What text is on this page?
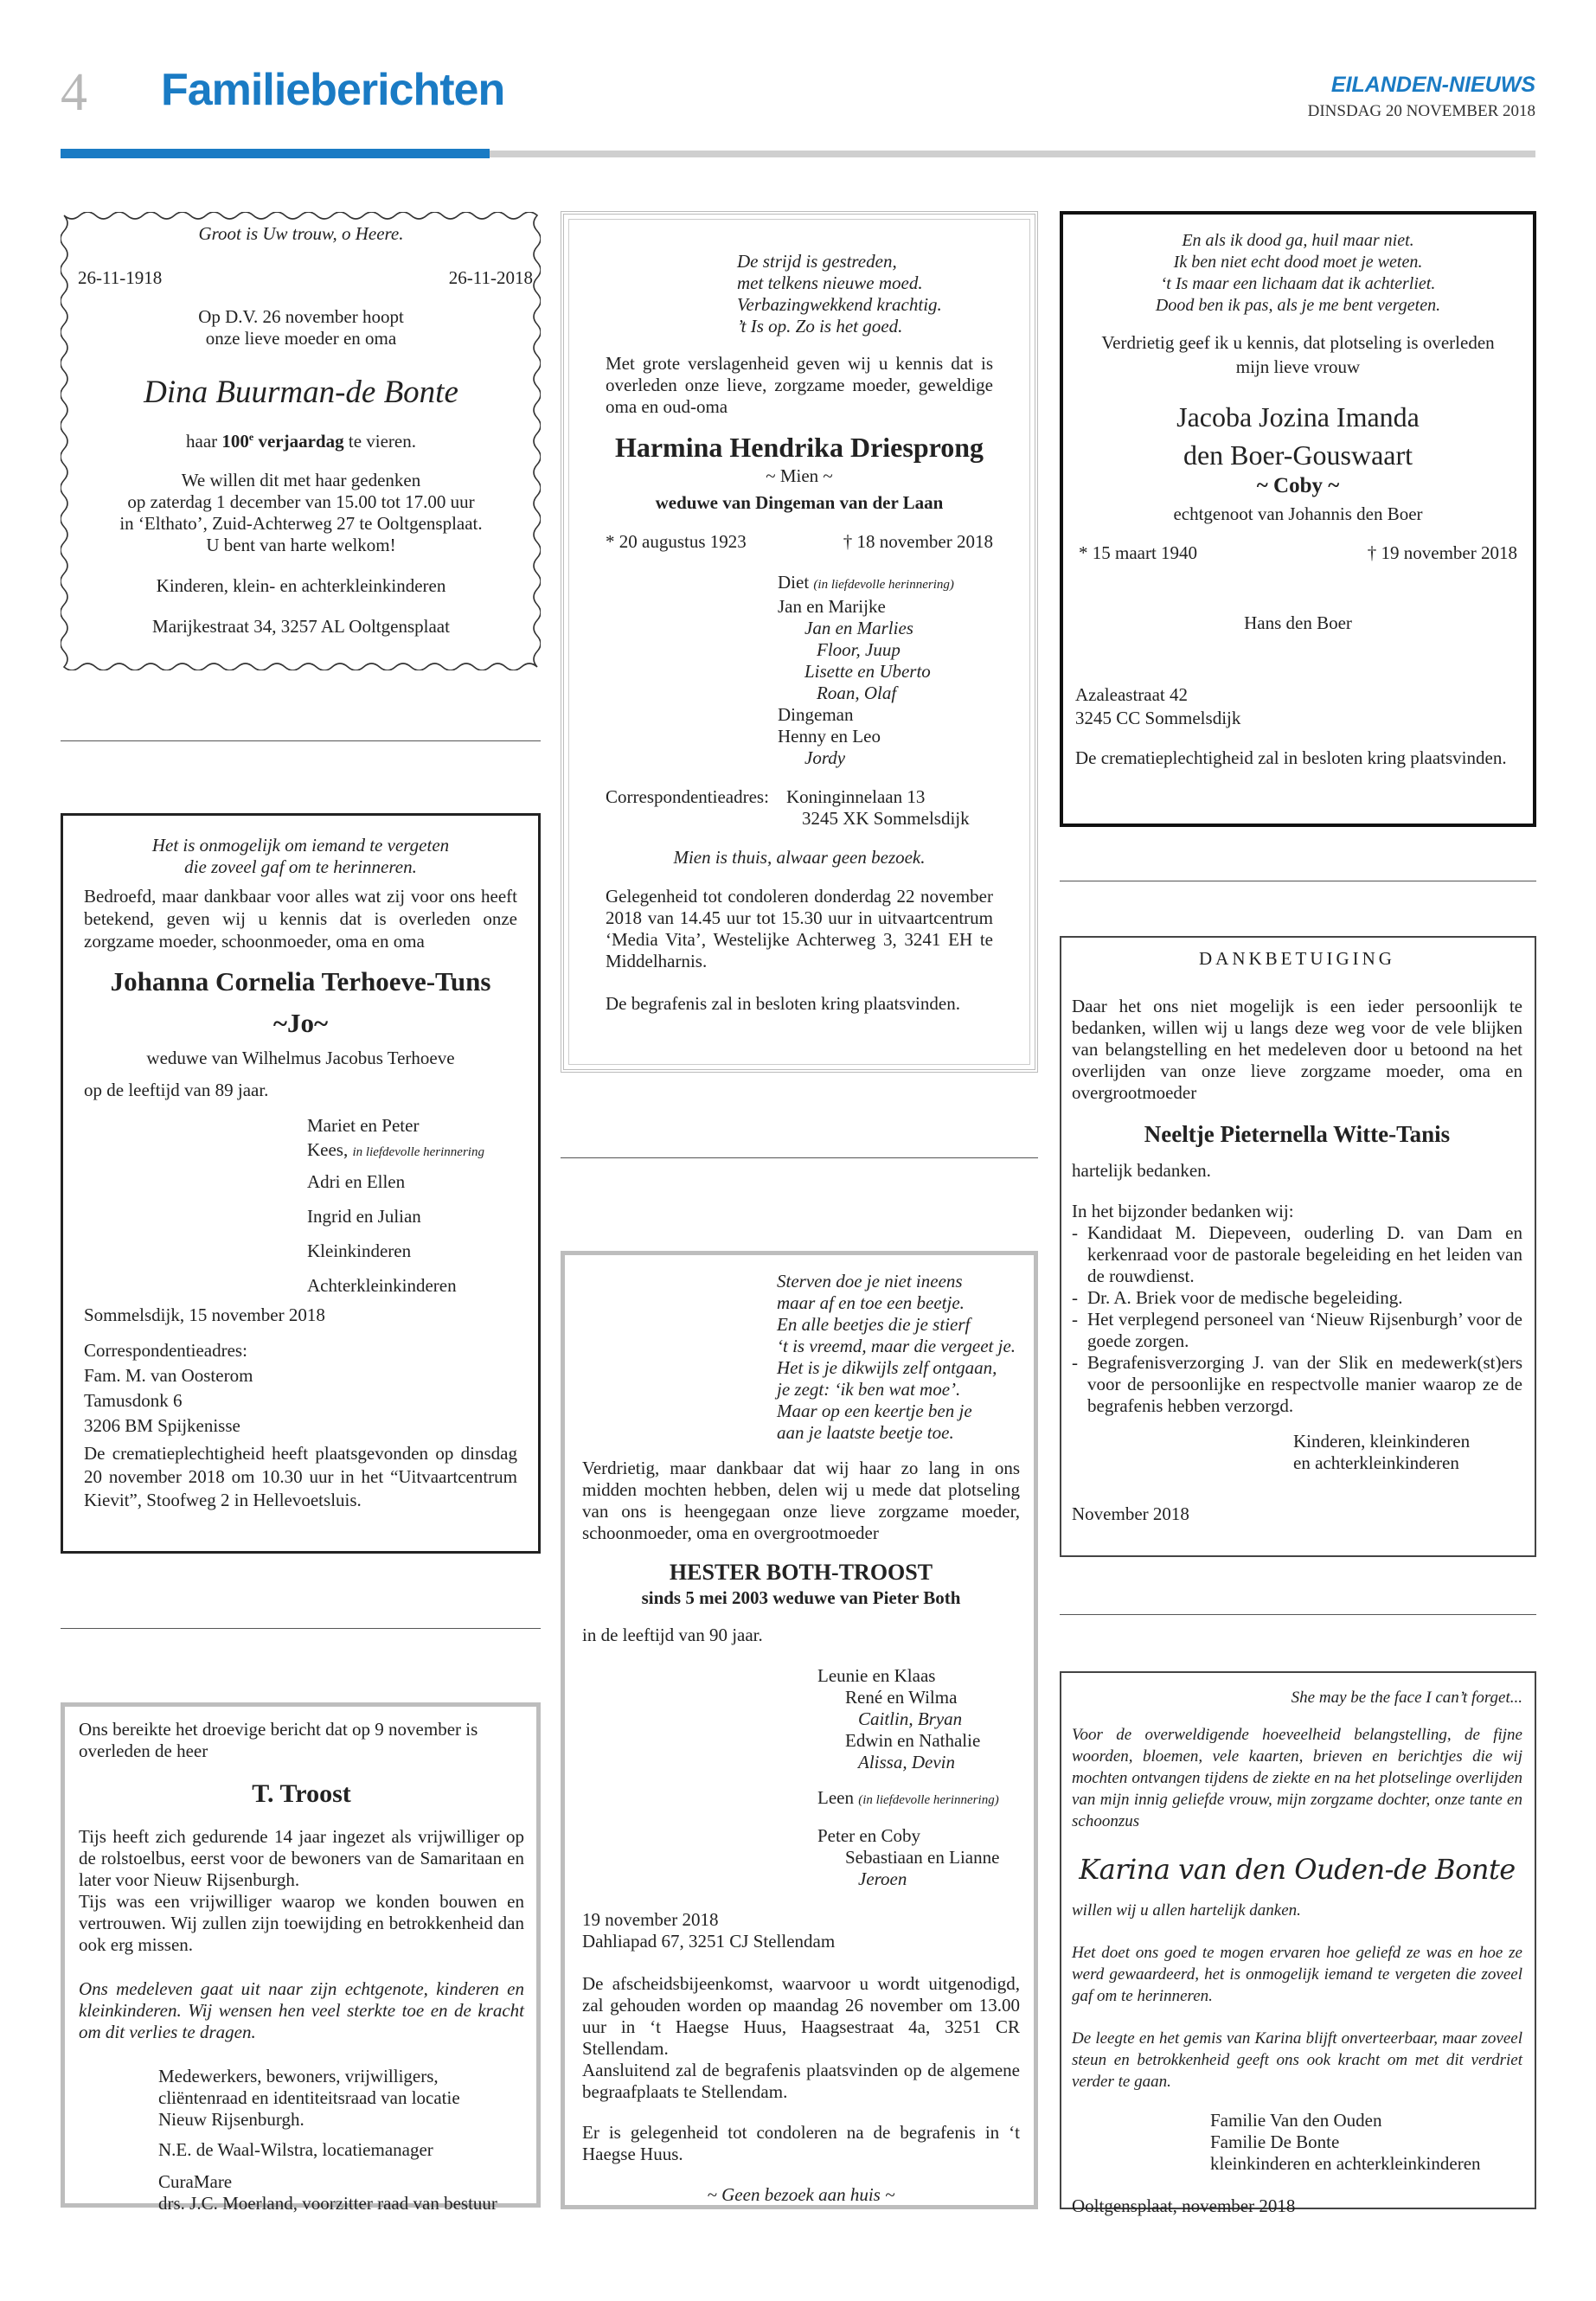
4 Familieberichten	EILANDEN-NIEUWS
DINSDAG 20 NOVEMBER 2018

Groot is Uw trouw, o Heere.

26-11-1918	26-11-2018

Op D.V. 26 november hoopt

onze lieve moeder en oma

Dina Buurman-de Bonte

haar 100e verjaardag te vieren.

We willen dit met haar gedenken

op zaterdag 1 december van 15.00 tot 17.00 uur

in ‘Elthato’, Zuid-Achterweg 27 te Ooltgensplaat.

U bent van harte welkom!

Kinderen, klein- en achterkleinkinderen

Marijkestraat 34, 3257 AL Ooltgensplaat

Het is onmogelijk om iemand te vergeten

die zoveel gaf om te herinneren.

Bedroefd, maar dankbaar voor alles wat zij voor ons heeft betekend, geven wij u kennis dat is overleden onze zorgzame moeder, schoonmoeder, oma en oma

Johanna Cornelia Terhoeve-Tuns

~Jo~

weduwe van Wilhelmus Jacobus Terhoeve

op de leeftijd van 89 jaar.

Mariet en Peter

Kees, in liefdevolle herinnering

Adri en Ellen

Ingrid en Julian

Kleinkinderen

Achterkleinkinderen

Sommelsdijk, 15 november 2018

Correspondentieadres:

Fam. M. van Oosterom

Tamusdonk 6

3206 BM Spijkenisse

De crematieplechtigheid heeft plaatsgevonden op dinsdag 20 november 2018 om 10.30 uur in het “Uitvaartcentrum Kievit”, Stoofweg 2 in Hellevoetsluis.

Ons bereikte het droevige bericht dat op 9 november is overleden de heer

T. Troost

Tijs heeft zich gedurende 14 jaar ingezet als vrijwilliger op de rolstoelbus, eerst voor de bewoners van de Samaritaan en later voor Nieuw Rijsenburgh.

Tijs was een vrijwilliger waarop we konden bouwen en vertrouwen. Wij zullen zijn toewijding en betrokkenheid dan ook erg missen.

Ons medeleven gaat uit naar zijn echtgenote, kinderen en kleinkinderen. Wij wensen hen veel sterkte toe en de kracht om dit verlies te dragen.

Medewerkers, bewoners, vrijwilligers,

cliëntenraad en identiteitsraad van locatie

Nieuw Rijsenburgh.

N.E. de Waal-Wilstra, locatiemanager

CuraMare

drs. J.C. Moerland, voorzitter raad van bestuur

De strijd is gestreden,

met telkens nieuwe moed.

Verbazingwekkend krachtig.

’t Is op. Zo is het goed.

Met grote verslagenheid geven wij u kennis dat is overleden onze lieve, zorgzame moeder, geweldige oma en oud-oma

Harmina Hendrika Driesprong

~ Mien ~

weduwe van Dingeman van der Laan

* 20 augustus 1923	† 18 november 2018

Diet (in liefdevolle herinnering)

Jan en Marijke

Jan en Marlies

Floor, Juup

Lisette en Uberto

Roan, Olaf

Dingeman

Henny en Leo

Jordy

Correspondentieadres: Koninginnelaan 13
3245 XK Sommelsdijk

Mien is thuis, alwaar geen bezoek.

Gelegenheid tot condoleren donderdag 22 november 2018 van 14.45 uur tot 15.30 uur in uitvaartcentrum ‘Media Vita’, Westelijke Achterweg 3, 3241 EH te Middelharnis.

De begrafenis zal in besloten kring plaatsvinden.

Sterven doe je niet ineens

maar af en toe een beetje.

En alle beetjes die je stierf

‘t is vreemd, maar die vergeet je.

Het is je dikwijls zelf ontgaan,

je zegt: ‘ik ben wat moe’.

Maar op een keertje ben je

aan je laatste beetje toe.

Verdrietig, maar dankbaar dat wij haar zo lang in ons midden mochten hebben, delen wij u mede dat plotseling van ons is heengegaan onze lieve zorgzame moeder, schoonmoeder, oma en overgrootmoeder

HESTER BOTH-TROOST

sinds 5 mei 2003 weduwe van Pieter Both

in de leeftijd van 90 jaar.

Leunie en Klaas

René en Wilma

Caitlin, Bryan

Edwin en Nathalie

Alissa, Devin

Leen (in liefdevolle herinnering)

Peter en Coby

Sebastiaan en Lianne

Jeroen

19 november 2018

Dahliapad 67, 3251 CJ Stellendam

De afscheidsbijeenkomst, waarvoor u wordt uitgenodigd, zal gehouden worden op maandag 26 november om 13.00 uur in ‘t Haegse Huus, Haagsestraat 4a, 3251 CR Stellendam.

Aansluitend zal de begrafenis plaatsvinden op de algemene begraafplaats te Stellendam.

Er is gelegenheid tot condoleren na de begrafenis in ‘t Haegse Huus.

~ Geen bezoek aan huis ~

En als ik dood ga, huil maar niet.

Ik ben niet echt dood moet je weten.

‘t Is maar een lichaam dat ik achterliet.

Dood ben ik pas, als je me bent vergeten.

Verdrietig geef ik u kennis, dat plotseling is overleden

mijn lieve vrouw

Jacoba Jozina Imanda

den Boer-Gouswaart

~ Coby ~

echtgenoot van Johannis den Boer

* 15 maart 1940	† 19 november 2018

Hans den Boer

Azaleastraat 42

3245 CC Sommelsdijk

De crematieplechtigheid zal in besloten kring plaatsvinden.

DANKBETUIGING

Daar het ons niet mogelijk is een ieder persoonlijk te bedanken, willen wij u langs deze weg voor de vele blijken van belangstelling en het medeleven door u betoond na het overlijden van onze lieve zorgzame moeder, oma en overgrootmoeder

Neeltje Pieternella Witte-Tanis

hartelijk bedanken.

In het bijzonder bedanken wij:

- Kandidaat M. Diepeveen, ouderling D. van Dam en kerkenraad voor de pastorale begeleiding en het leiden van de rouwdienst.
- Dr. A. Briek voor de medische begeleiding.
- Het verplegend personeel van ‘Nieuw Rijsenburgh’ voor de goede zorgen.
- Begrafenisverzorging J. van der Slik en medewerk(st)ers voor de persoonlijke en respectvolle manier waarop ze de begrafenis hebben verzorgd.

Kinderen, kleinkinderen

en achterkleinkinderen

November 2018

She may be the face I can’t forget...

Voor de overweldigende hoeveelheid belangstelling, de fijne woorden, bloemen, vele kaarten, brieven en berichtjes die wij mochten ontvangen tijdens de ziekte en na het plotselinge overlijden van mijn innig geliefde vrouw, mijn zorgzame dochter, onze tante en schoonzus

Karina van den Ouden-de Bonte

willen wij u allen hartelijk danken.

Het doet ons goed te mogen ervaren hoe geliefd ze was en hoe ze werd gewaardeerd, het is onmogelijk iemand te vergeten die zoveel gaf om te herinneren.

De leegte en het gemis van Karina blijft onverteerbaar, maar zoveel steun en betrokkenheid geeft ons ook kracht om met dit verdriet verder te gaan.

Familie Van den Ouden

Familie De Bonte

kleinkinderen en achterkleinkinderen

Ooltgensplaat, november 2018
